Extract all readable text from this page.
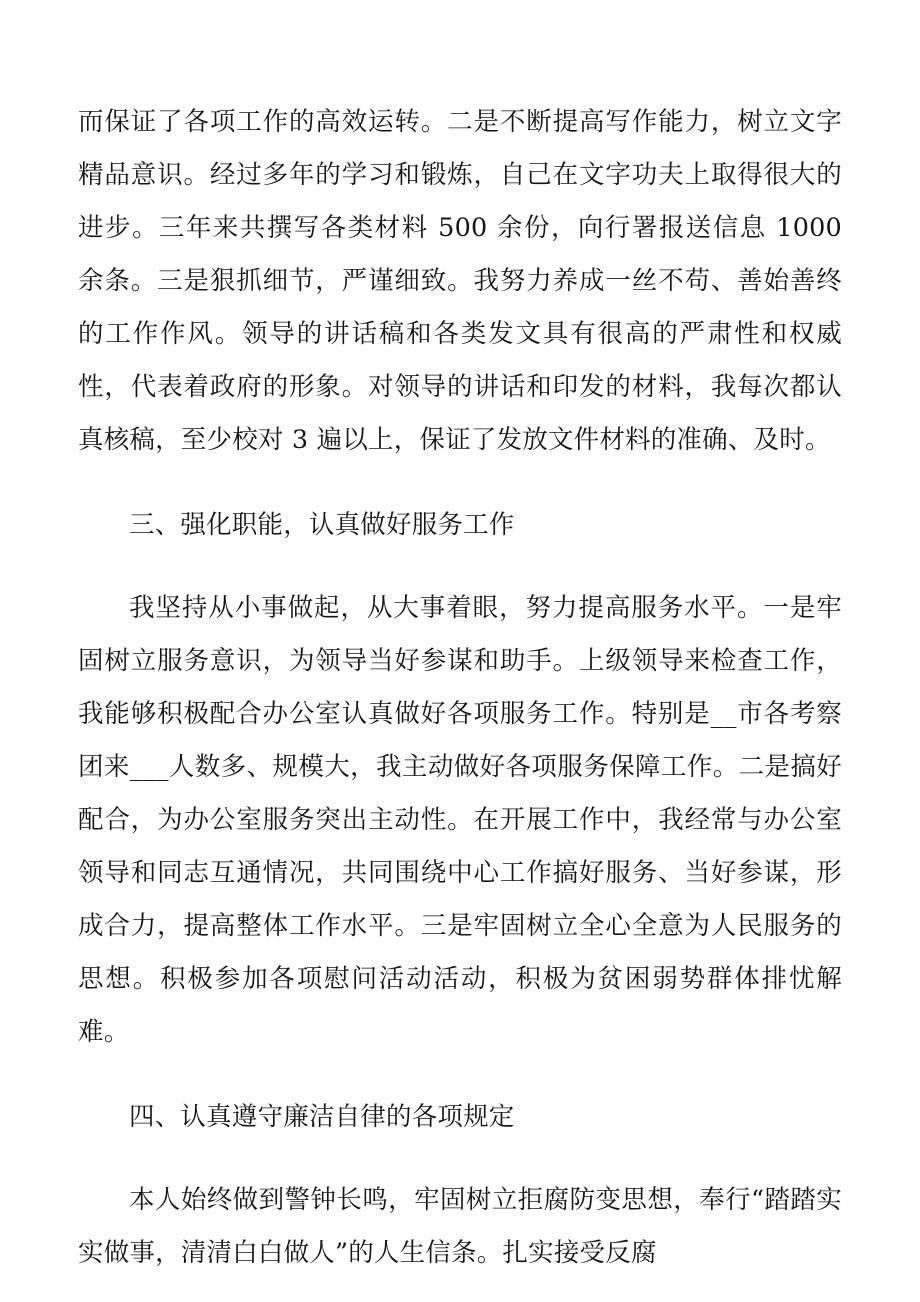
而保证了各项工作的高效运转。二是不断提高写作能力，树立文字精品意识。经过多年的学习和锻炼，自己在文字功夫上取得很大的进步。三年来共撰写各类材料 500 余份，向行署报送信息 1000 余条。三是狠抓细节，严谨细致。我努力养成一丝不苟、善始善终的工作作风。领导的讲话稿和各类发文具有很高的严肃性和权威性，代表着政府的形象。对领导的讲话和印发的材料，我每次都认真核稿，至少校对 3 遍以上，保证了发放文件材料的准确、及时。

三、强化职能，认真做好服务工作

我坚持从小事做起，从大事着眼，努力提高服务水平。一是牢固树立服务意识，为领导当好参谋和助手。上级领导来检查工作，我能够积极配合办公室认真做好各项服务工作。特别是__市各考察团来___人数多、规模大，我主动做好各项服务保障工作。二是搞好配合，为办公室服务突出主动性。在开展工作中，我经常与办公室领导和同志互通情况，共同围绕中心工作搞好服务、当好参谋，形成合力，提高整体工作水平。三是牢固树立全心全意为人民服务的思想。积极参加各项慰问活动活动，积极为贫困弱势群体排忧解难。

四、认真遵守廉洁自律的各项规定

本人始终做到警钟长鸣，牢固树立拒腐防变思想，奉行“踏踏实实做事，清清白白做人”的人生信条。扎实接受反腐
